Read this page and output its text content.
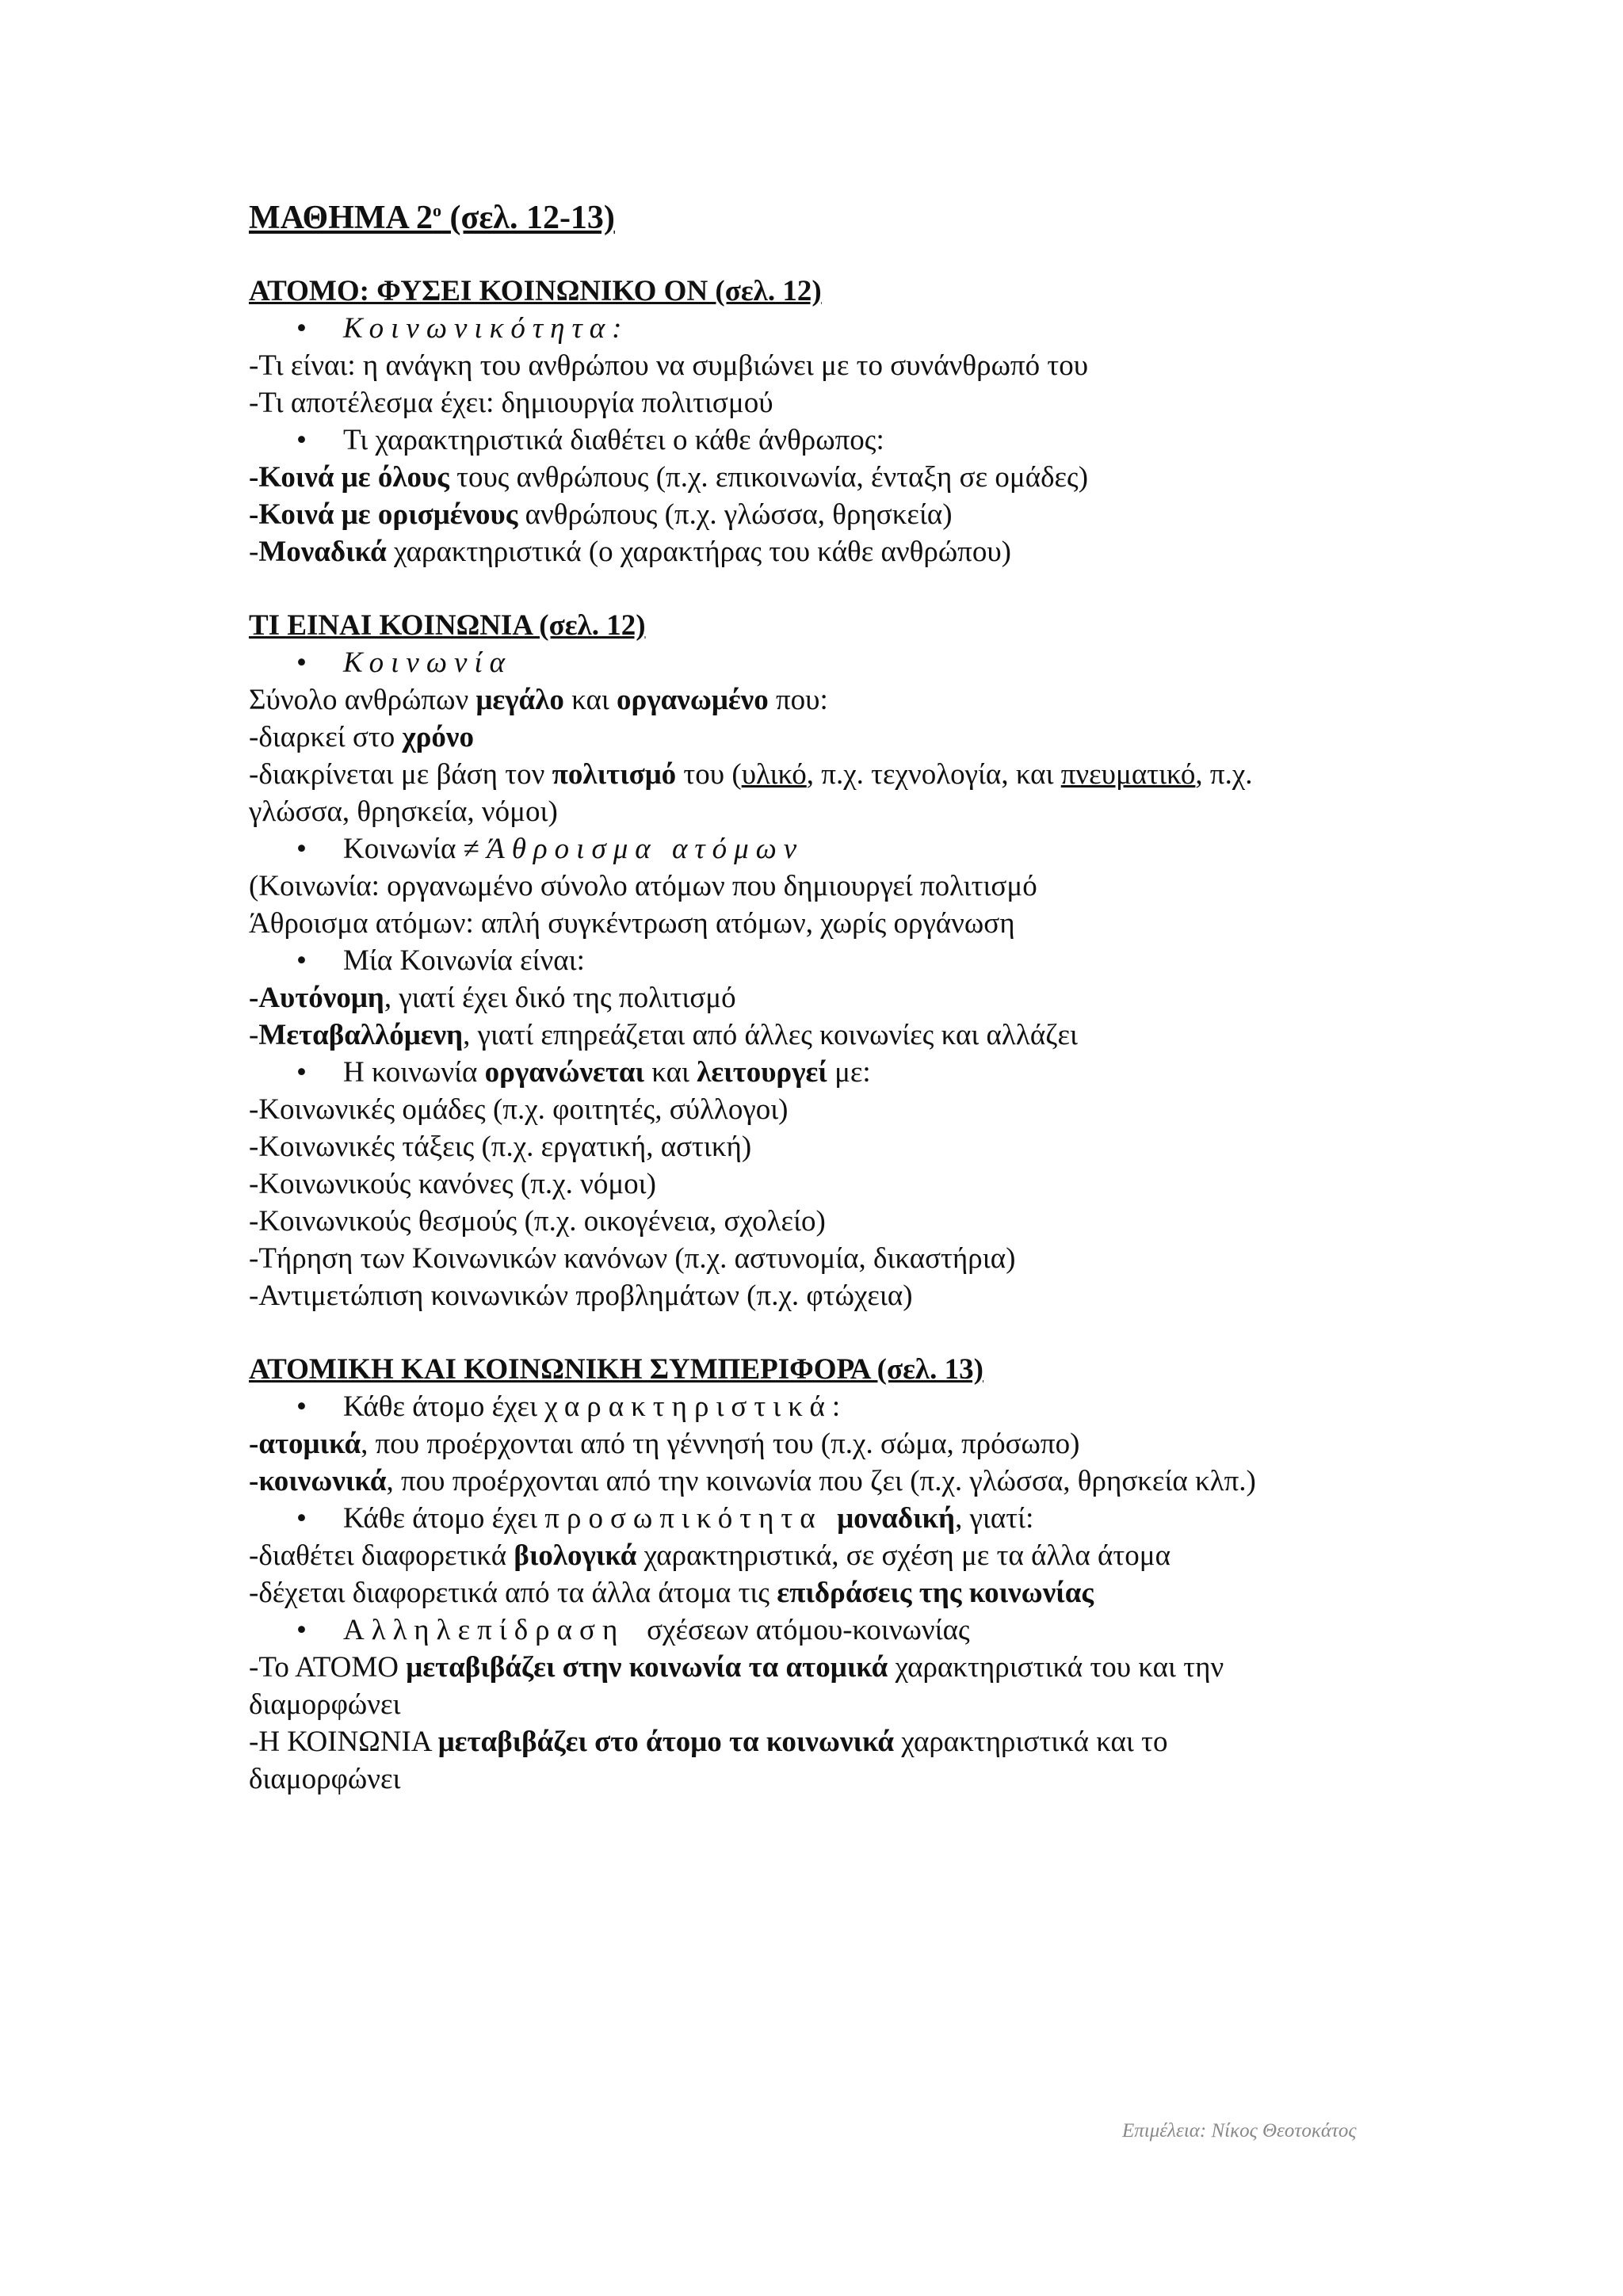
ΜΑΘΗΜΑ $2^o$ (σελ. 12-13)

ΑΤΟΜΟ: ΦΥΣΕΙ ΚΟΙΝΩΝΙΚΟ ΟΝ (σελ. 12)

• Κοινωνικότητα:

-Τι είναι: η ανάγκη του ανθρώπου να συμβιώνει με το συνάνθρωπό του

-Τι αποτέλεσμα έχει: δημιουργία πολιτισμού

• Τι χαρακτηριστικά διαθέτει ο κάθε άνθρωπος:

-Κοινά με όλους τους ανθρώπους (π.χ. επικοινωνία, ένταξη σε ομάδες)

-Κοινά με ορισμένους ανθρώπους (π.χ. γλώσσα, θρησκεία)

-Μοναδικά χαρακτηριστικά (ο χαρακτήρας του κάθε ανθρώπου)

ΤΙ ΕΙΝΑΙ ΚΟΙΝΩΝΙΑ (σελ. 12)

• Κοινωνία

Σύνολο ανθρώπων μεγάλο και οργανωμένο που:

-διαρκεί στο χρόνο

-διακρίνεται με βάση τον πολιτισμό του (υλικό, π.χ. τεχνολογία, και πνευματικό, π.χ.

γλώσσα, θρησκεία, νόμοι)

• Κοινωνία ≠ Άθροισμα ατόμων

(Κοινωνία: οργανωμένο σύνολο ατόμων που δημιουργεί πολιτισμό

Άθροισμα ατόμων: απλή συγκέντρωση ατόμων, χωρίς οργάνωση

• Μία Κοινωνία είναι:

-Αυτόνομη, γιατί έχει δικό της πολιτισμό

-Μεταβαλλόμενη, γιατί επηρεάζεται από άλλες κοινωνίες και αλλάζει

• Η κοινωνία οργανώνεται και λειτουργεί με:

-Κοινωνικές ομάδες (π.χ. φοιτητές, σύλλογοι)

-Κοινωνικές τάξεις (π.χ. εργατική, αστική)

-Κοινωνικούς κανόνες (π.χ. νόμοι)

-Κοινωνικούς θεσμούς (π.χ. οικογένεια, σχολείο)

-Τήρηση των Κοινωνικών κανόνων (π.χ. αστυνομία, δικαστήρια)

-Αντιμετώπιση κοινωνικών προβλημάτων (π.χ. φτώχεια)

ΑΤΟΜΙΚΗ ΚΑΙ ΚΟΙΝΩΝΙΚΗ ΣΥΜΠΕΡΙΦΟΡΑ (σελ. 13)

• Κάθε άτομο έχει χαρακτηριστικά:

-ατομικά, που προέρχονται από τη γέννησή του (π.χ. σώμα, πρόσωπο)

-κοινωνικά, που προέρχονται από την κοινωνία που ζει (π.χ. γλώσσα, θρησκεία κλπ.)

• Κάθε άτομο έχει προσωπικότητα μοναδική, γιατί:

-διαθέτει διαφορετικά βιολογικά χαρακτηριστικά, σε σχέση με τα άλλα άτομα

-δέχεται διαφορετικά από τα άλλα άτομα τις επιδράσεις της κοινωνίας

• Αλληλεπίδραση σχέσεων ατόμου-κοινωνίας

-Το ΑΤΟΜΟ μεταβιβάζει στην κοινωνία τα ατομικά χαρακτηριστικά του και την

διαμορφώνει

-Η ΚΟΙΝΩΝΙΑ μεταβιβάζει στο άτομο τα κοινωνικά χαρακτηριστικά και το

διαμορφώνει

Επιμέλεια: Νίκος Θεοτοκάτος
